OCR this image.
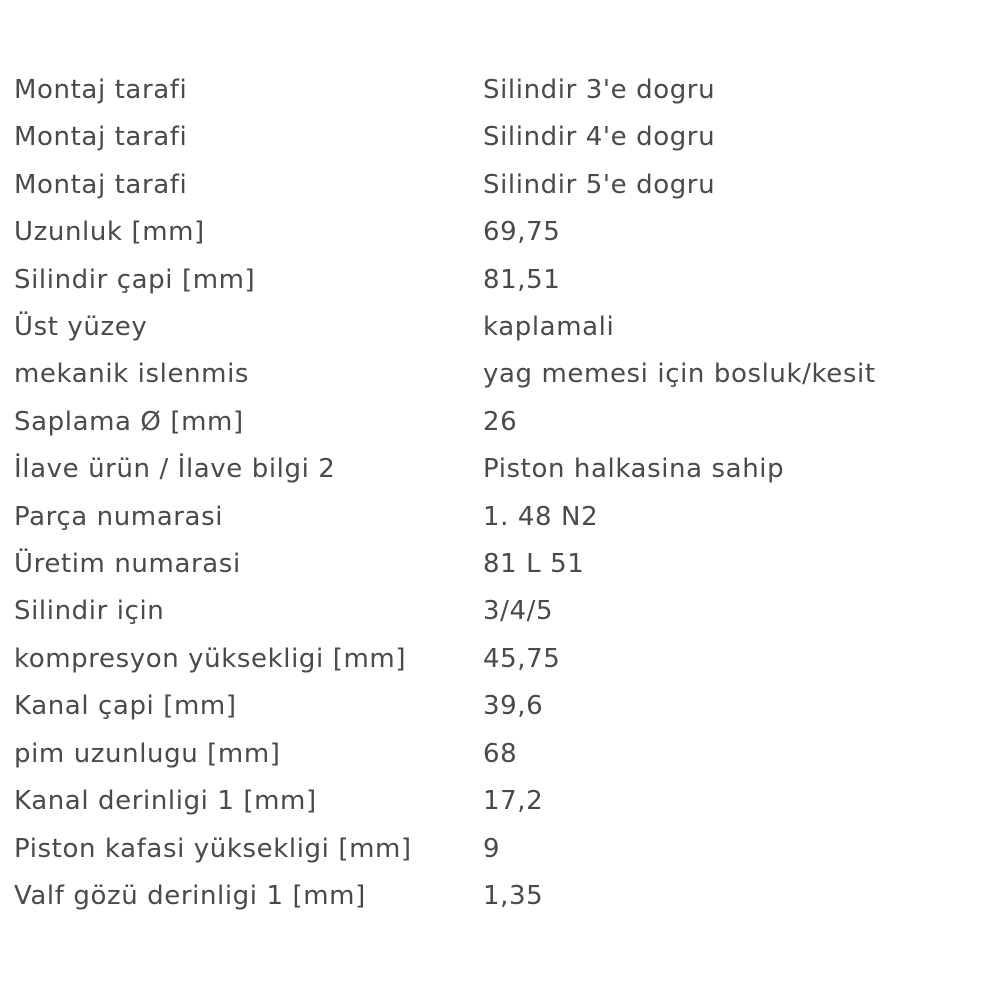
Montaj tarafi	Silindir 3'e dogru
Montaj tarafi	Silindir 4'e dogru
Montaj tarafi	Silindir 5'e dogru
Uzunluk [mm]	69,75
Silindir çapi [mm]	81,51
Üst yüzey	kaplamali
mekanik islenmis	yag memesi için bosluk/kesit
Saplama Ø [mm]	26
İlave ürün / İlave bilgi 2	Piston halkasina sahip
Parça numarasi	1. 48 N2
Üretim numarasi	81 L 51
Silindir için	3/4/5
kompresyon yüksekligi [mm]	45,75
Kanal çapi [mm]	39,6
pim uzunlugu [mm]	68
Kanal derinligi 1 [mm]	17,2
Piston kafasi yüksekligi [mm]	9
Valf gözü derinligi 1 [mm]	1,35
